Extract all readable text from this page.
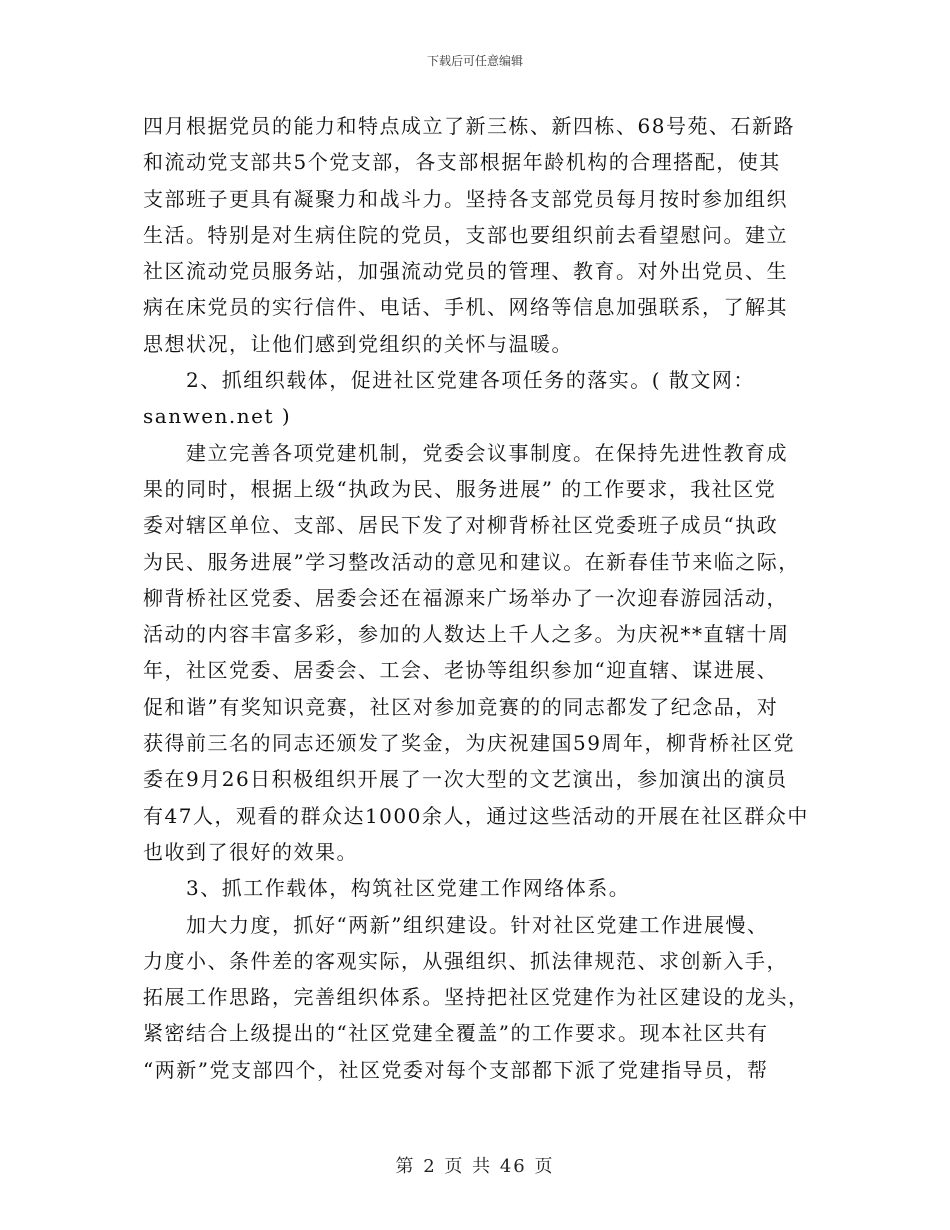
下载后可任意编辑
四月根据党员的能力和特点成立了新三栋、新四栋、68号苑、石新路
和流动党支部共5个党支部，各支部根据年龄机构的合理搭配，使其
支部班子更具有凝聚力和战斗力。坚持各支部党员每月按时参加组织
生活。特别是对生病住院的党员，支部也要组织前去看望慰问。建立
社区流动党员服务站，加强流动党员的管理、教育。对外出党员、生
病在床党员的实行信件、电话、手机、网络等信息加强联系，了解其
思想状况，让他们感到党组织的关怀与温暖。
　　2、抓组织载体，促进社区党建各项任务的落实。( 散文网：
sanwen.net )
　　建立完善各项党建机制，党委会议事制度。在保持先进性教育成
果的同时，根据上级“执政为民、服务进展” 的工作要求，我社区党
委对辖区单位、支部、居民下发了对柳背桥社区党委班子成员“执政
为民、服务进展”学习整改活动的意见和建议。在新春佳节来临之际，
柳背桥社区党委、居委会还在福源来广场举办了一次迎春游园活动，
活动的内容丰富多彩，参加的人数达上千人之多。为庆祝**直辖十周
年，社区党委、居委会、工会、老协等组织参加“迎直辖、谋进展、
促和谐”有奖知识竞赛，社区对参加竞赛的的同志都发了纪念品，对
获得前三名的同志还颁发了奖金，为庆祝建国59周年，柳背桥社区党
委在9月26日积极组织开展了一次大型的文艺演出，参加演出的演员
有47人，观看的群众达1000余人，通过这些活动的开展在社区群众中
也收到了很好的效果。
　　3、抓工作载体，构筑社区党建工作网络体系。
　　加大力度，抓好“两新”组织建设。针对社区党建工作进展慢、
力度小、条件差的客观实际，从强组织、抓法律规范、求创新入手，
拓展工作思路，完善组织体系。坚持把社区党建作为社区建设的龙头，
紧密结合上级提出的“社区党建全覆盖”的工作要求。现本社区共有
“两新”党支部四个，社区党委对每个支部都下派了党建指导员，帮
第 2 页 共 46 页
